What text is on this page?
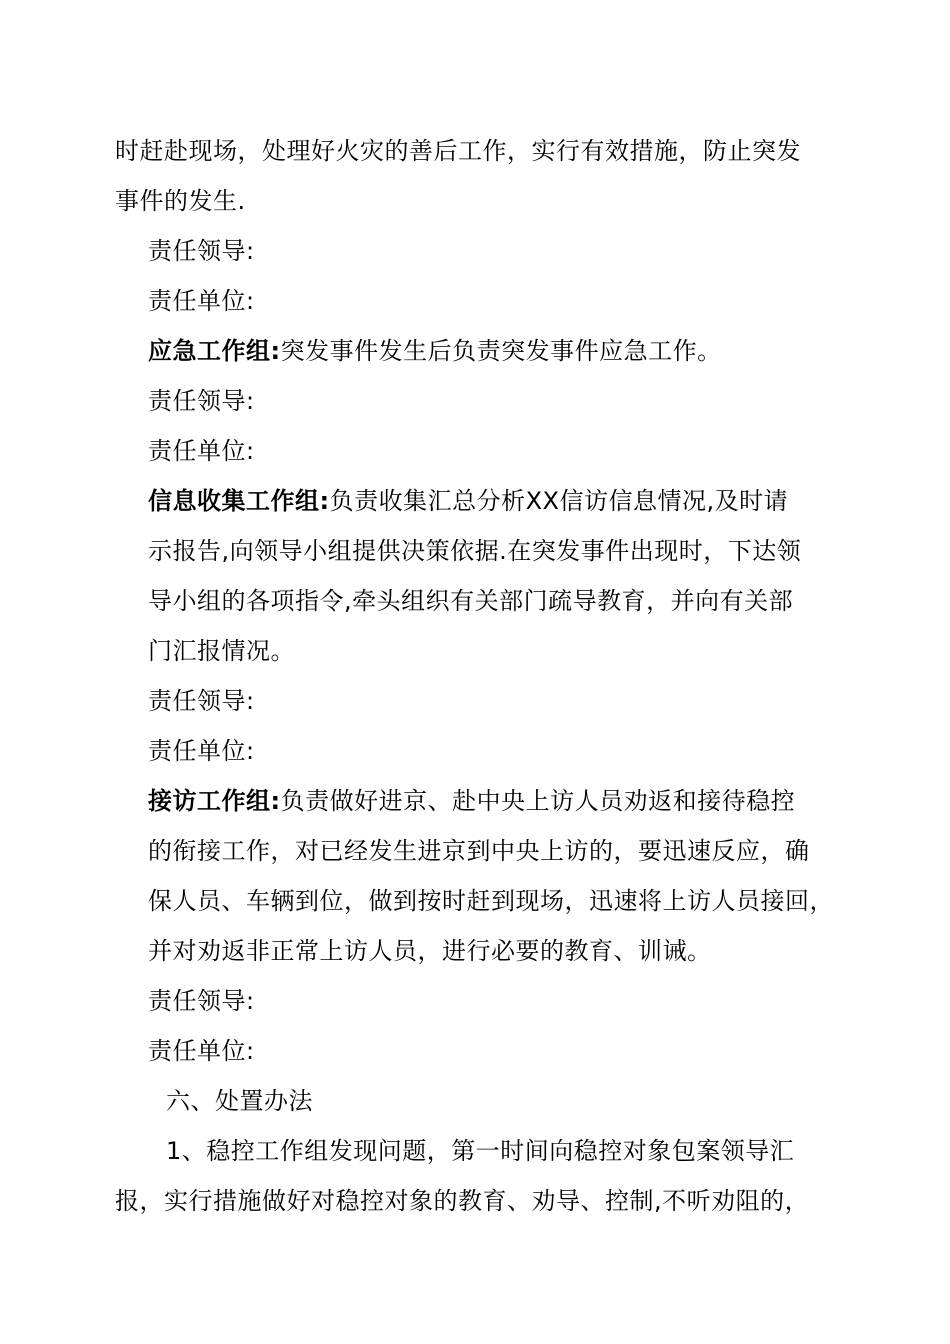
时赶赴现场，处理好火灾的善后工作，实行有效措施，防止突发
事件的发生.
责任领导:
责任单位:
应急工作组:突发事件发生后负责突发事件应急工作。
责任领导:
责任单位:
信息收集工作组:负责收集汇总分析XX信访信息情况,及时请
示报告,向领导小组提供决策依据.在突发事件出现时，下达领
导小组的各项指令,牵头组织有关部门疏导教育，并向有关部
门汇报情况。
责任领导:
责任单位:
接访工作组:负责做好进京、赴中央上访人员劝返和接待稳控
的衔接工作，对已经发生进京到中央上访的，要迅速反应，确
保人员、车辆到位，做到按时赶到现场，迅速将上访人员接回，
并对劝返非正常上访人员，进行必要的教育、训诫。
责任领导:
责任单位:
六、处置办法
1、稳控工作组发现问题，第一时间向稳控对象包案领导汇
报，实行措施做好对稳控对象的教育、劝导、控制,不听劝阻的，
